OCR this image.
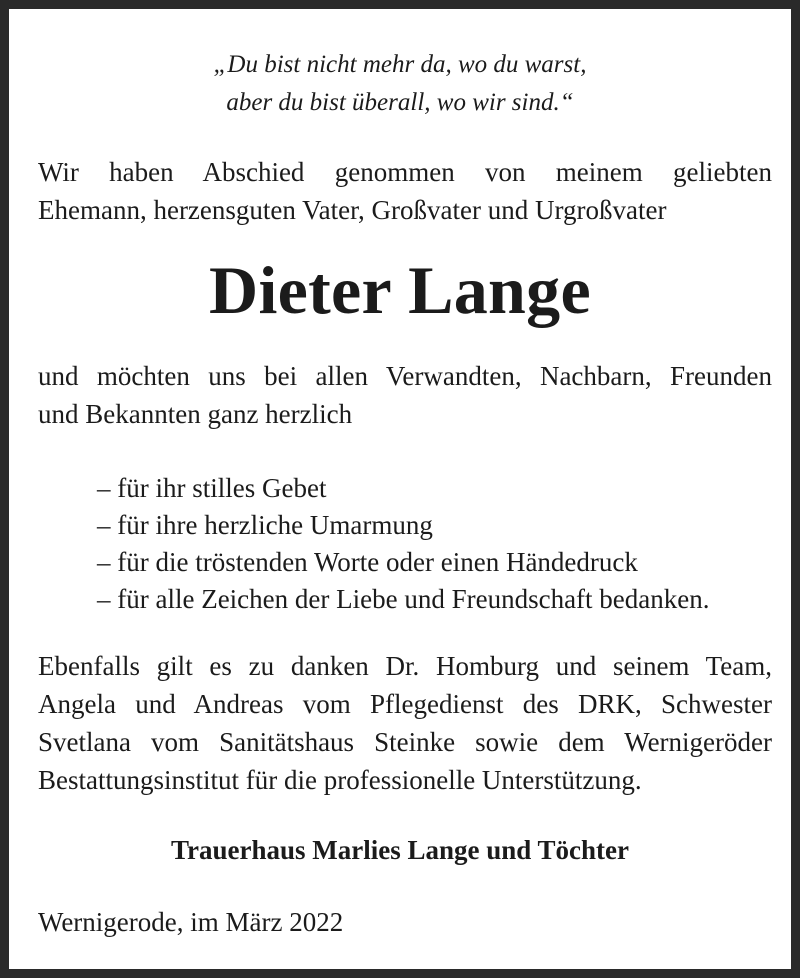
„Du bist nicht mehr da, wo du warst,
aber du bist überall, wo wir sind.“
Wir haben Abschied genommen von meinem geliebten
Ehemann, herzensguten Vater, Großvater und Urgroßvater
Dieter Lange
und möchten uns bei allen Verwandten, Nachbarn, Freunden
und Bekannten ganz herzlich
– für ihr stilles Gebet
– für ihre herzliche Umarmung
– für die tröstenden Worte oder einen Händedruck
– für alle Zeichen der Liebe und Freundschaft bedanken.
Ebenfalls gilt es zu danken Dr. Homburg und seinem Team,
Angela und Andreas vom Pflegedienst des DRK, Schwester
Svetlana vom Sanitätshaus Steinke sowie dem Wernigeröder
Bestattungsinstitut für die professionelle Unterstützung.
Trauerhaus Marlies Lange und Töchter
Wernigerode, im März 2022
